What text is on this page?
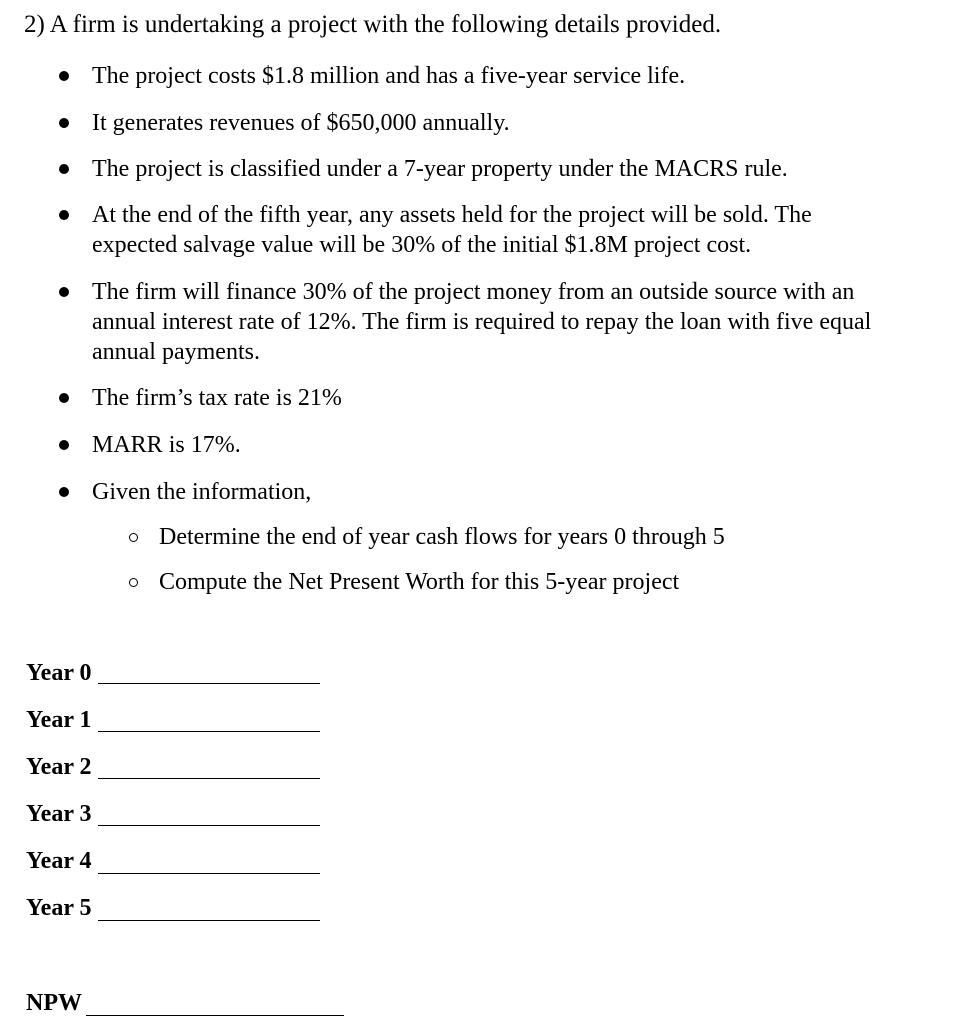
2) A firm is undertaking a project with the following details provided.
The project costs $1.8 million and has a five-year service life.
It generates revenues of $650,000 annually.
The project is classified under a 7-year property under the MACRS rule.
At the end of the fifth year, any assets held for the project will be sold. The expected salvage value will be 30% of the initial $1.8M project cost.
The firm will finance 30% of the project money from an outside source with an annual interest rate of 12%. The firm is required to repay the loan with five equal annual payments.
The firm’s tax rate is 21%
MARR is 17%.
Given the information,
Determine the end of year cash flows for years 0 through 5
Compute the Net Present Worth for this 5-year project
Year 0
Year 1
Year 2
Year 3
Year 4
Year 5
NPW
